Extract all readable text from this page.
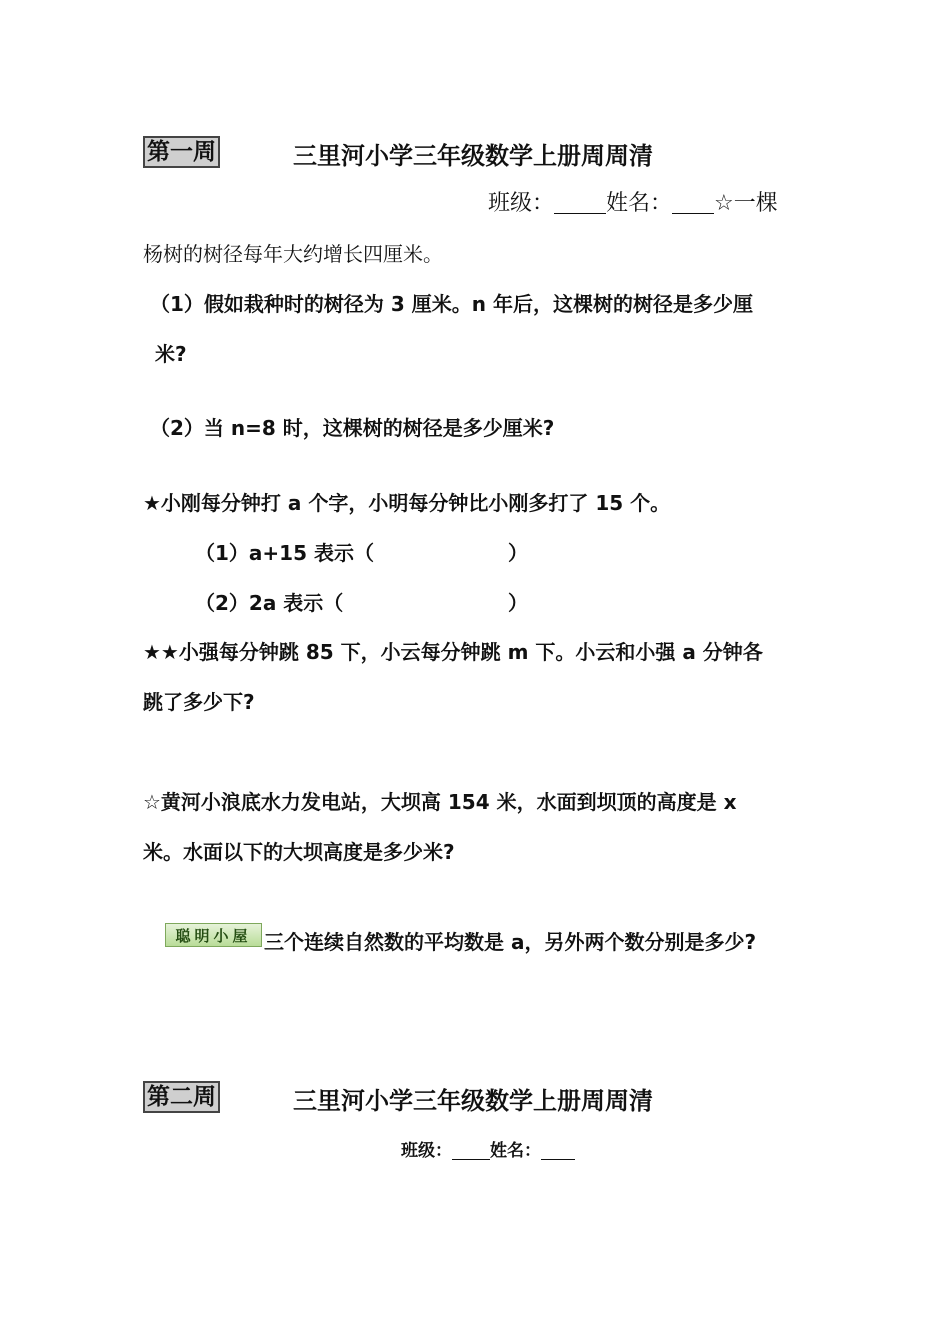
第一周	三里河小学三年级数学上册周周清
班级： 姓名： ☆一棵
杨树的树径每年大约增长四厘米。
（1）假如栽种时的树径为 3 厘米。n 年后，这棵树的树径是多少厘
米?
（2）当 n=8 时，这棵树的树径是多少厘米?
★小刚每分钟打 a 个字，小明每分钟比小刚多打了 15 个。
（1）a+15 表示（	）
（2）2a 表示（	）
★★小强每分钟跳 85 下，小云每分钟跳 m 下。小云和小强 a 分钟各
跳了多少下?
☆黄河小浪底水力发电站，大坝高 154 米，水面到坝顶的高度是 x
米。水面以下的大坝高度是多少米?
聪明小屋 三个连续自然数的平均数是 a，另外两个数分别是多少?
第二周	三里河小学三年级数学上册周周清
班级： 姓名：
